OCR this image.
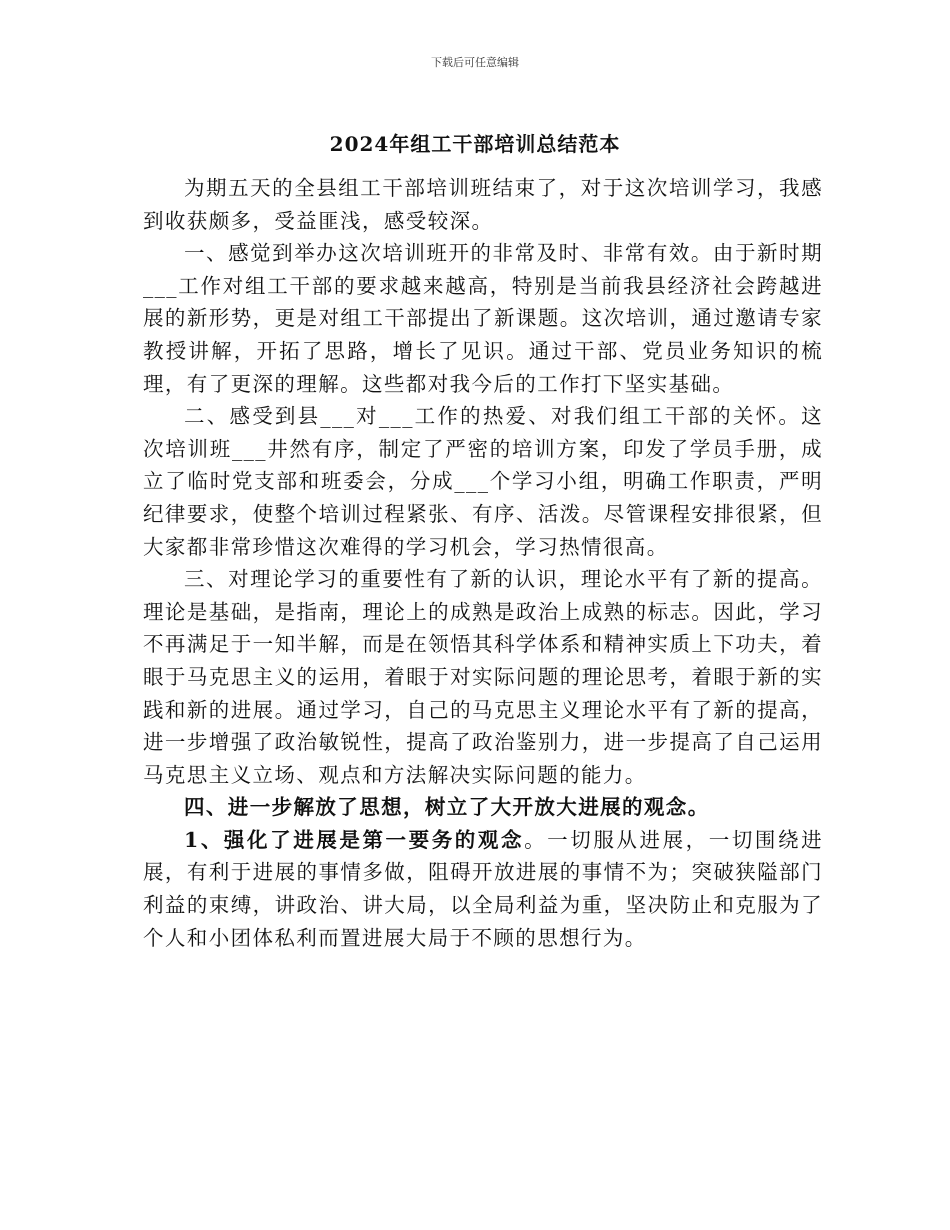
下载后可任意编辑
2024年组工干部培训总结范本

为期五天的全县组工干部培训班结束了，对于这次培训学习，我感到收获颇多，受益匪浅，感受较深。

一、感觉到举办这次培训班开的非常及时、非常有效。由于新时期___工作对组工干部的要求越来越高，特别是当前我县经济社会跨越进展的新形势，更是对组工干部提出了新课题。这次培训，通过邀请专家教授讲解，开拓了思路，增长了见识。通过干部、党员业务知识的梳理，有了更深的理解。这些都对我今后的工作打下坚实基础。

二、感受到县___对___工作的热爱、对我们组工干部的关怀。这次培训班___井然有序，制定了严密的培训方案，印发了学员手册，成立了临时党支部和班委会，分成___个学习小组，明确工作职责，严明纪律要求，使整个培训过程紧张、有序、活泼。尽管课程安排很紧，但大家都非常珍惜这次难得的学习机会，学习热情很高。

三、对理论学习的重要性有了新的认识，理论水平有了新的提高。理论是基础，是指南，理论上的成熟是政治上成熟的标志。因此，学习不再满足于一知半解，而是在领悟其科学体系和精神实质上下功夫，着眼于马克思主义的运用，着眼于对实际问题的理论思考，着眼于新的实践和新的进展。通过学习，自己的马克思主义理论水平有了新的提高，进一步增强了政治敏锐性，提高了政治鉴别力，进一步提高了自己运用马克思主义立场、观点和方法解决实际问题的能力。

四、进一步解放了思想，树立了大开放大进展的观念。

1、强化了进展是第一要务的观念。一切服从进展，一切围绕进展，有利于进展的事情多做，阻碍开放进展的事情不为；突破狭隘部门利益的束缚，讲政治、讲大局，以全局利益为重，坚决防止和克服为了个人和小团体私利而置进展大局于不顾的思想行为。
